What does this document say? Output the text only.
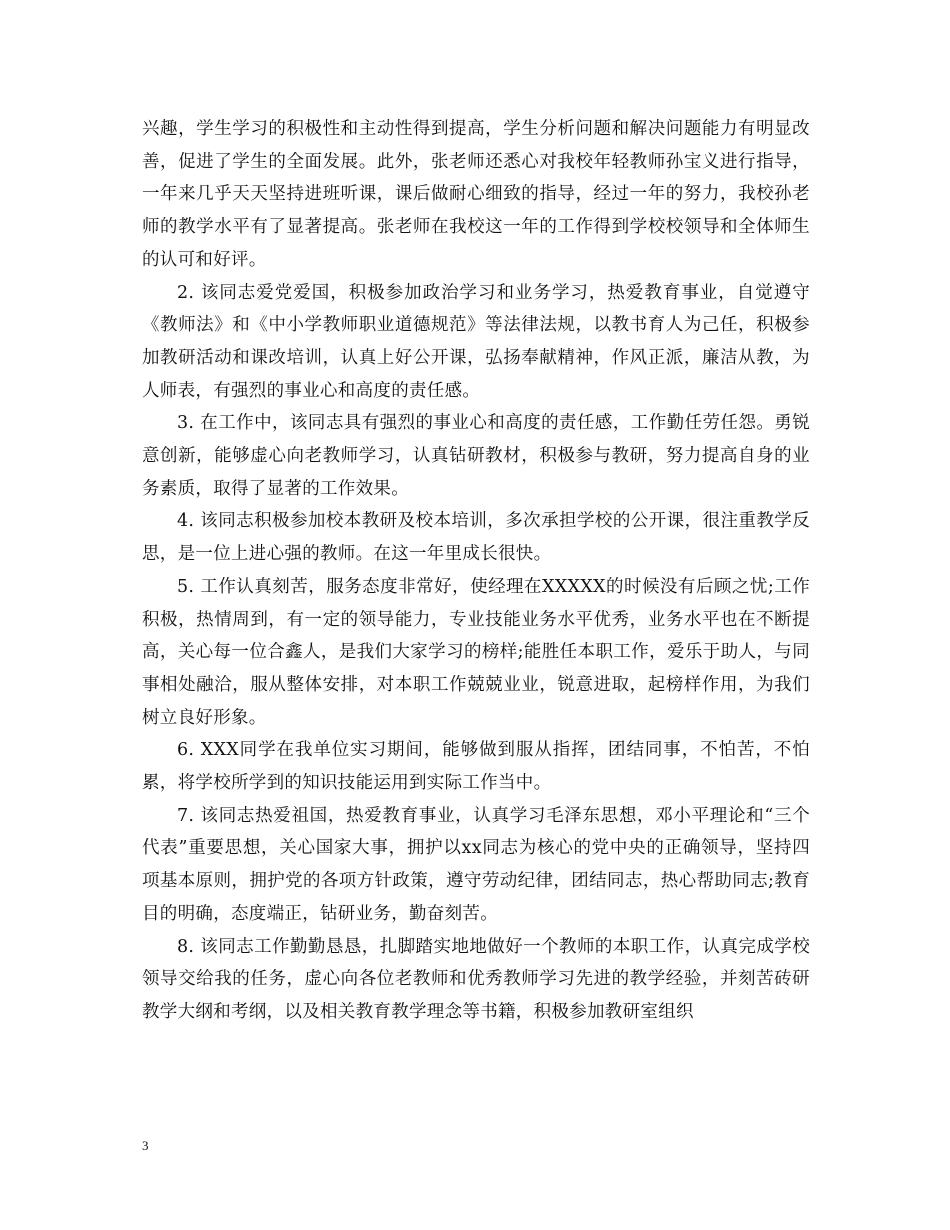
兴趣，学生学习的积极性和主动性得到提高，学生分析问题和解决问题能力有明显改善，促进了学生的全面发展。此外，张老师还悉心对我校年轻教师孙宝义进行指导，一年来几乎天天坚持进班听课，课后做耐心细致的指导，经过一年的努力，我校孙老师的教学水平有了显著提高。张老师在我校这一年的工作得到学校校领导和全体师生的认可和好评。

2. 该同志爱党爱国，积极参加政治学习和业务学习，热爱教育事业，自觉遵守《教师法》和《中小学教师职业道德规范》等法律法规，以教书育人为己任，积极参加教研活动和课改培训，认真上好公开课，弘扬奉献精神，作风正派，廉洁从教，为人师表，有强烈的事业心和高度的责任感。

3. 在工作中，该同志具有强烈的事业心和高度的责任感，工作勤任劳任怨。勇锐意创新，能够虚心向老教师学习，认真钻研教材，积极参与教研，努力提高自身的业务素质，取得了显著的工作效果。

4. 该同志积极参加校本教研及校本培训，多次承担学校的公开课，很注重教学反思，是一位上进心强的教师。在这一年里成长很快。

5. 工作认真刻苦，服务态度非常好，使经理在XXXXX的时候没有后顾之忧;工作积极，热情周到，有一定的领导能力，专业技能业务水平优秀，业务水平也在不断提高，关心每一位合鑫人，是我们大家学习的榜样;能胜任本职工作，爱乐于助人，与同事相处融洽，服从整体安排，对本职工作兢兢业业，锐意进取，起榜样作用，为我们树立良好形象。

6. XXX同学在我单位实习期间，能够做到服从指挥，团结同事，不怕苦，不怕累，将学校所学到的知识技能运用到实际工作当中。

7. 该同志热爱祖国，热爱教育事业，认真学习毛泽东思想，邓小平理论和“三个代表”重要思想，关心国家大事，拥护以xx同志为核心的党中央的正确领导，坚持四项基本原则，拥护党的各项方针政策，遵守劳动纪律，团结同志，热心帮助同志;教育目的明确，态度端正，钻研业务，勤奋刻苦。

8. 该同志工作勤勤恳恳，扎脚踏实地地做好一个教师的本职工作，认真完成学校领导交给我的任务，虚心向各位老教师和优秀教师学习先进的教学经验，并刻苦砖研教学大纲和考纲，以及相关教育教学理念等书籍，积极参加教研室组织

3
